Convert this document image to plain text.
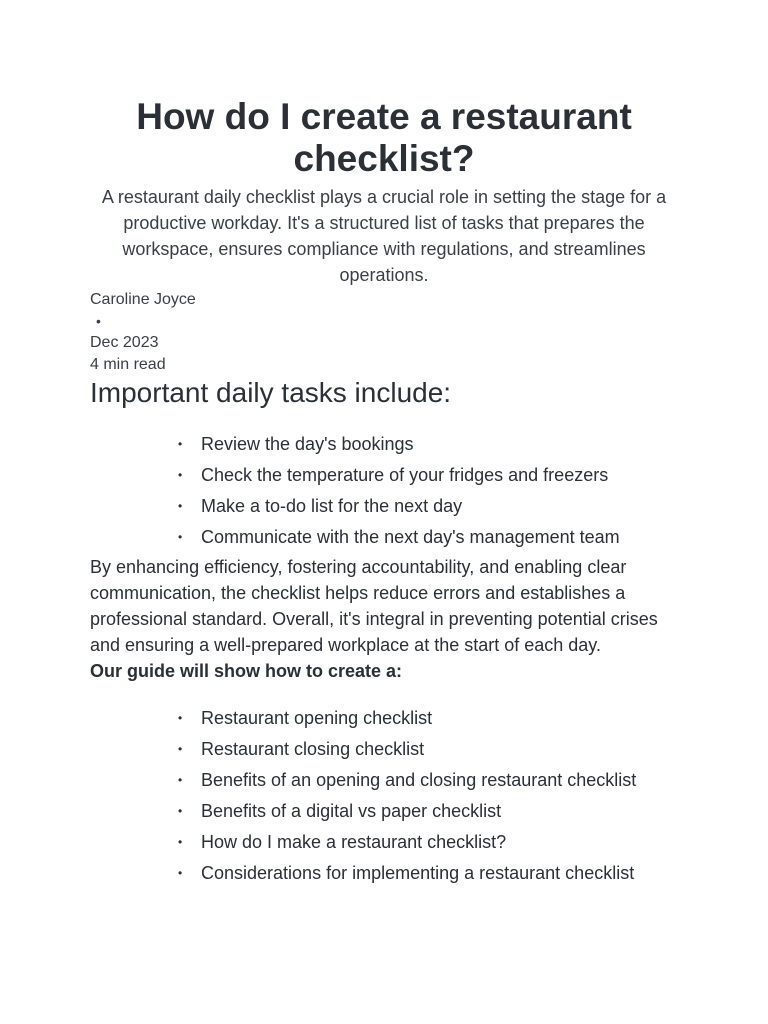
How do I create a restaurant checklist?

A restaurant daily checklist plays a crucial role in setting the stage for a productive workday. It's a structured list of tasks that prepares the workspace, ensures compliance with regulations, and streamlines operations.

Caroline Joyce
•
Dec 2023
4 min read
Important daily tasks include:
• Review the day's bookings
• Check the temperature of your fridges and freezers
• Make a to-do list for the next day
• Communicate with the next day's management team

By enhancing efficiency, fostering accountability, and enabling clear communication, the checklist helps reduce errors and establishes a professional standard. Overall, it's integral in preventing potential crises and ensuring a well-prepared workplace at the start of each day.

Our guide will show how to create a:

• Restaurant opening checklist
• Restaurant closing checklist
• Benefits of an opening and closing restaurant checklist
• Benefits of a digital vs paper checklist
• How do I make a restaurant checklist?
• Considerations for implementing a restaurant checklist
